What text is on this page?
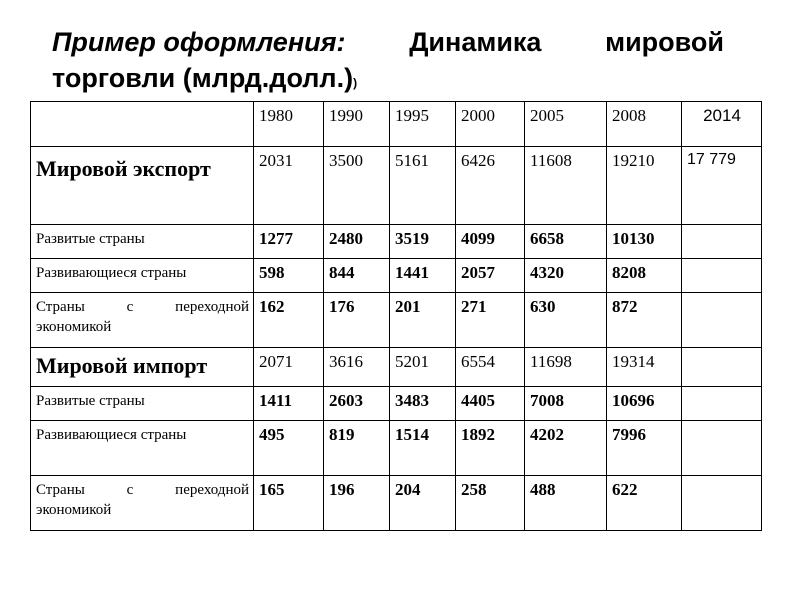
Пример оформления: Динамика мировой
торговли (млрд.долл.))
	1980	1990	1995	2000	2005	2008	2014
Мировой экспорт	2031	3500	5161	6426	11608	19210	17 779
Развитые страны	1277	2480	3519	4099	6658	10130	
Развивающиеся страны	598	844	1441	2057	4320	8208	

Страны с переходной
экономикой	162	176	201	271	630	872	
Мировой импорт	2071	3616	5201	6554	11698	19314	
Развитые страны	1411	2603	3483	4405	7008	10696	
Развивающиеся страны	495	819	1514	1892	4202	7996	

Страны с переходной
экономикой	165	196	204	258	488	622	
